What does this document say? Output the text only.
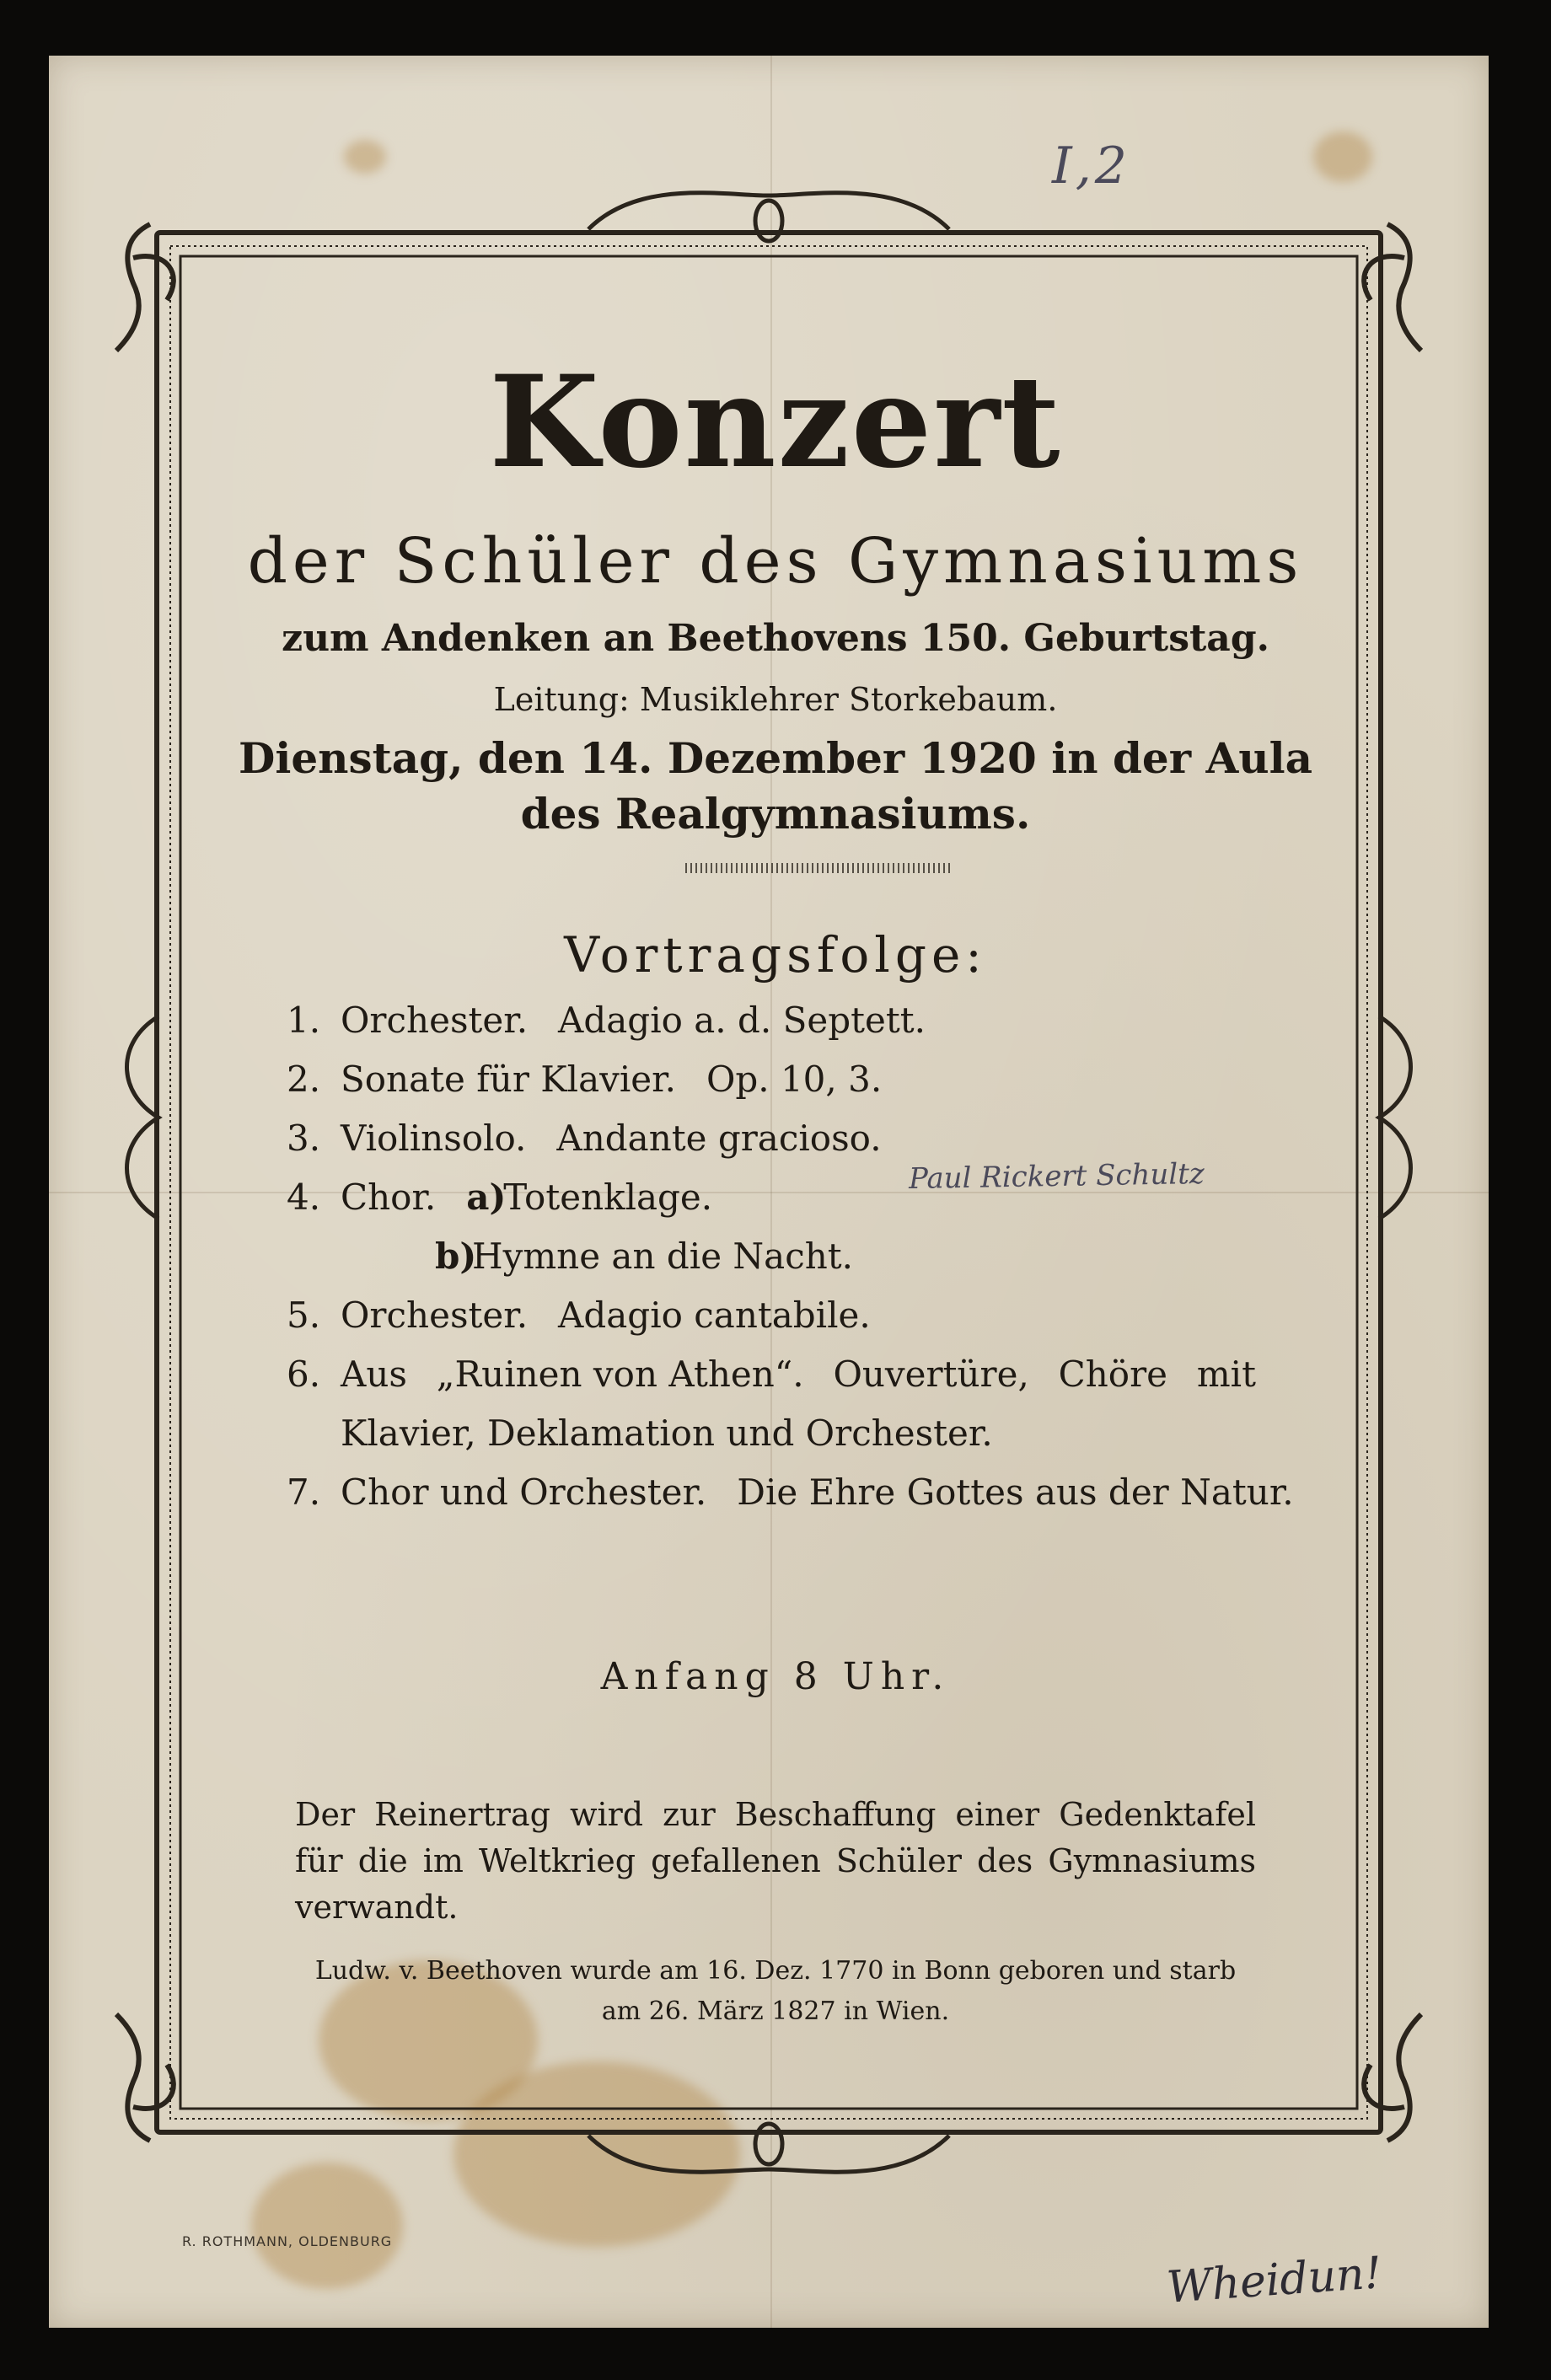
Konzert
der Schüler des Gymnasiums
zum Andenken an Beethovens 150. Geburtstag.
Leitung: Musiklehrer Storkebaum.
Dienstag, den 14. Dezember 1920 in der Aula
des Realgymnasiums.
Vortragsfolge:
1. Orchester. Adagio a. d. Septett.
2. Sonate für Klavier. Op. 10, 3.
3. Violinsolo. Andante gracioso.
4. Chor. a)Totenklage.
b)Hymne an die Nacht.
5. Orchester. Adagio cantabile.
6. Aus „Ruinen von Athen“. Ouvertüre, Chöre mit
Klavier, Deklamation und Orchester.
7. Chor und Orchester. Die Ehre Gottes aus der Natur.
Anfang 8 Uhr.
Der Reinertrag wird zur Beschaffung einer Gedenktafel für die im Weltkrieg gefallenen Schüler des Gymnasiums verwandt.
Ludw. v. Beethoven wurde am 16. Dez. 1770 in Bonn geboren und starb
am 26. März 1827 in Wien.
R. ROTHMANN, OLDENBURG
I,2
Paul Rickert Schultz
Wheidun!
